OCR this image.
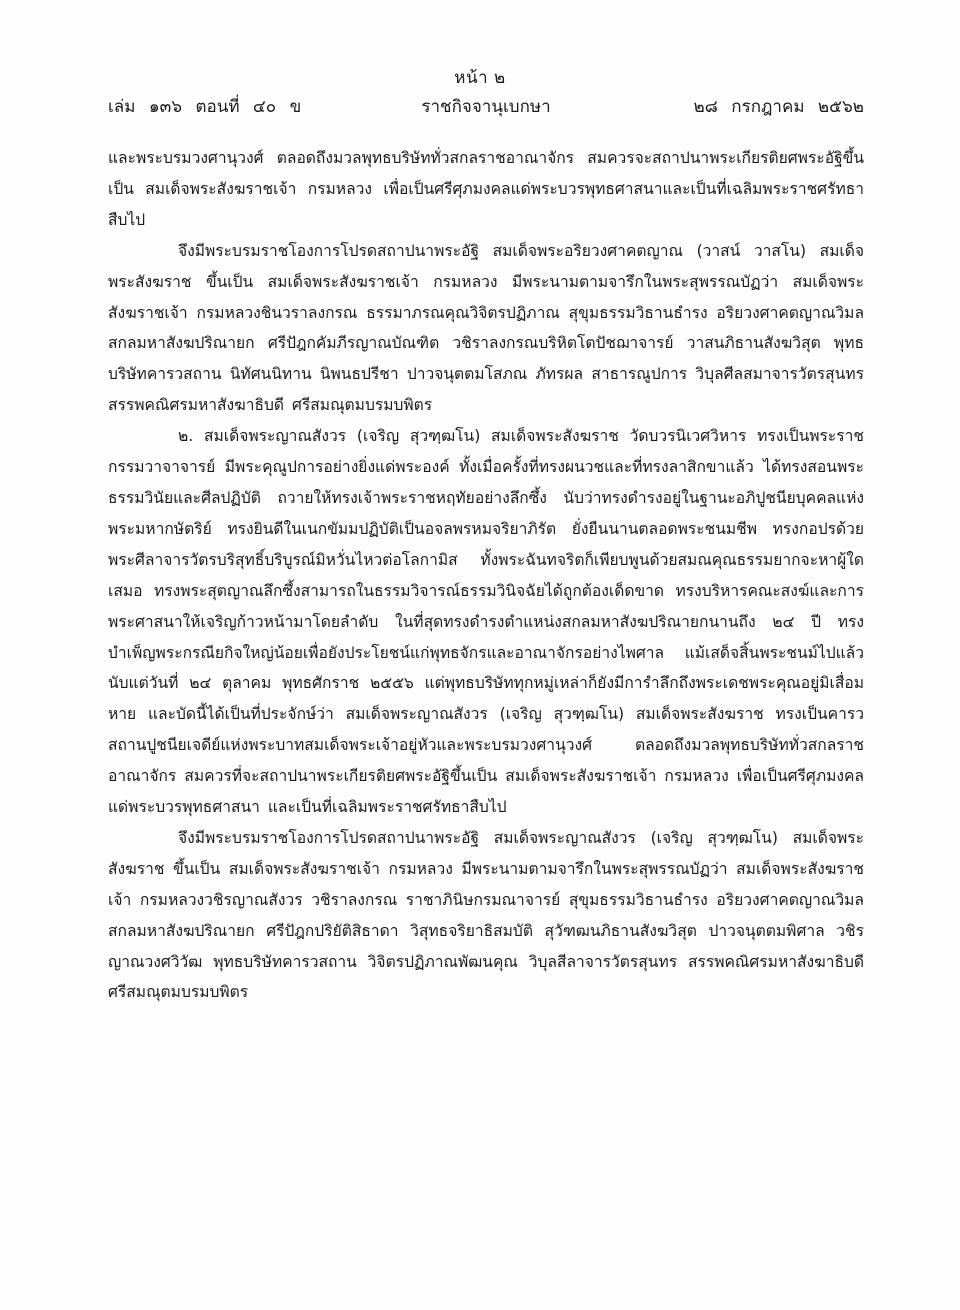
หน้า ๒
เล่ม ๑๓๖ ตอนที่ ๔๐ ข	ราชกิจจานุเบกษา	๒๘ กรกฎาคม ๒๕๖๒

และพระบรมวงศานุวงศ์ ตลอดถึงมวลพุทธบริษัททั่วสกลราชอาณาจักร สมควรจะสถาปนาพระเกียรติยศพระอัฐิขึ้นเป็น สมเด็จพระสังฆราชเจ้า กรมหลวง เพื่อเป็นศรีศุภมงคลแด่พระบวรพุทธศาสนาและเป็นที่เฉลิมพระราชศรัทธาสืบไป

จึงมีพระบรมราชโองการโปรดสถาปนาพระอัฐิ สมเด็จพระอริยวงศาคตญาณ (วาสน์ วาสโน) สมเด็จพระสังฆราช ขึ้นเป็น สมเด็จพระสังฆราชเจ้า กรมหลวง มีพระนามตามจารึกในพระสุพรรณบัฏว่า สมเด็จพระสังฆราชเจ้า กรมหลวงชินวราลงกรณ ธรรมาภรณคุณวิจิตรปฏิภาณ สุขุมธรรมวิธานธำรง อริยวงศาคตญาณวิมล สกลมหาสังฆปริณายก ศรีปัฎกคัมภีรญาณบัณฑิต วชิราลงกรณบริหิตโตปัชฌาจารย์ วาสนภิธานสังฆวิสุต พุทธบริษัทคารวสถาน นิทัศนนิทาน นิพนธปรีชา ปาวจนุตตมโสภณ ภัทรผล สาธารณูปการ วิบุลศีลสมาจารวัตรสุนทร สรรพคณิศรมหาสังฆาธิบดี ศรีสมณุตมบรมบพิตร

๒. สมเด็จพระญาณสังวร (เจริญ สุวฑฺฒโน) สมเด็จพระสังฆราช วัดบวรนิเวศวิหาร ทรงเป็นพระราชกรรมวาจาจารย์ มีพระคุณูปการอย่างยิ่งแด่พระองค์ ทั้งเมื่อครั้งที่ทรงผนวชและที่ทรงลาสิกขาแล้ว ได้ทรงสอนพระธรรมวินัยและศีลปฏิบัติ ถวายให้ทรงเจ้าพระราชหฤทัยอย่างลึกซึ้ง นับว่าทรงดำรงอยู่ในฐานะอภิปูชนียบุคคลแห่งพระมหากษัตริย์ ทรงยินดีในเนกขัมมปฏิบัติเป็นอจลพรหมจริยาภิรัต ยั่งยืนนานตลอดพระชนมชีพ ทรงกอปรด้วยพระศีลาจารวัตรบริสุทธิ์บริบูรณ์มิหวั่นไหวต่อโลกามิส ทั้งพระฉันทจริตก็เพียบพูนด้วยสมณคุณธรรมยากจะหาผู้ใดเสมอ ทรงพระสุตญาณลึกซึ้งสามารถในธรรมวิจารณ์ธรรมวินิจฉัยได้ถูกต้องเด็ดขาด ทรงบริหารคณะสงฆ์และการพระศาสนาให้เจริญก้าวหน้ามาโดยลำดับ ในที่สุดทรงดำรงตำแหน่งสกลมหาสังฆปริณายกนานถึง ๒๔ ปี ทรงบำเพ็ญพระกรณียกิจใหญ่น้อยเพื่อยังประโยชน์แก่พุทธจักรและอาณาจักรอย่างไพศาล แม้เสด็จสิ้นพระชนม์ไปแล้วนับแต่วันที่ ๒๔ ตุลาคม พุทธศักราช ๒๕๕๖ แต่พุทธบริษัททุกหมู่เหล่าก็ยังมีการำลึกถึงพระเดชพระคุณอยู่มิเสื่อมหาย และบัดนี้ได้เป็นที่ประจักษ์ว่า สมเด็จพระญาณสังวร (เจริญ สุวฑฺฒโน) สมเด็จพระสังฆราช ทรงเป็นคารวสถานปูชนียเจดีย์แห่งพระบาทสมเด็จพระเจ้าอยู่หัวและพระบรมวงศานุวงศ์ ตลอดถึงมวลพุทธบริษัททั่วสกลราชอาณาจักร สมควรที่จะสถาปนาพระเกียรติยศพระอัฐิขึ้นเป็น สมเด็จพระสังฆราชเจ้า กรมหลวง เพื่อเป็นศรีศุภมงคลแด่พระบวรพุทธศาสนา และเป็นที่เฉลิมพระราชศรัทธาสืบไป

จึงมีพระบรมราชโองการโปรดสถาปนาพระอัฐิ สมเด็จพระญาณสังวร (เจริญ สุวฑฺฒโน) สมเด็จพระสังฆราช ขึ้นเป็น สมเด็จพระสังฆราชเจ้า กรมหลวง มีพระนามตามจารึกในพระสุพรรณบัฏว่า สมเด็จพระสังฆราชเจ้า กรมหลวงวชิรญาณสังวร วชิราลงกรณ ราชาภินิษกรมณาจารย์ สุขุมธรรมวิธานธำรง อริยวงศาคตญาณวิมล สกลมหาสังฆปริณายก ศรีปัฎกปริยัติสิธาดา วิสุทธจริยาธิสมบัติ สุวัฑฒนภิธานสังฆวิสุต ปาวจนุตตมพิศาล วชิรญาณวงศวิวัฒ พุทธบริษัทคารวสถาน วิจิตรปฏิภาณพัฒนคุณ วิบุลสีลาจารวัตรสุนทร สรรพคณิศรมหาสังฆาธิบดี ศรีสมณุตมบรมบพิตร
